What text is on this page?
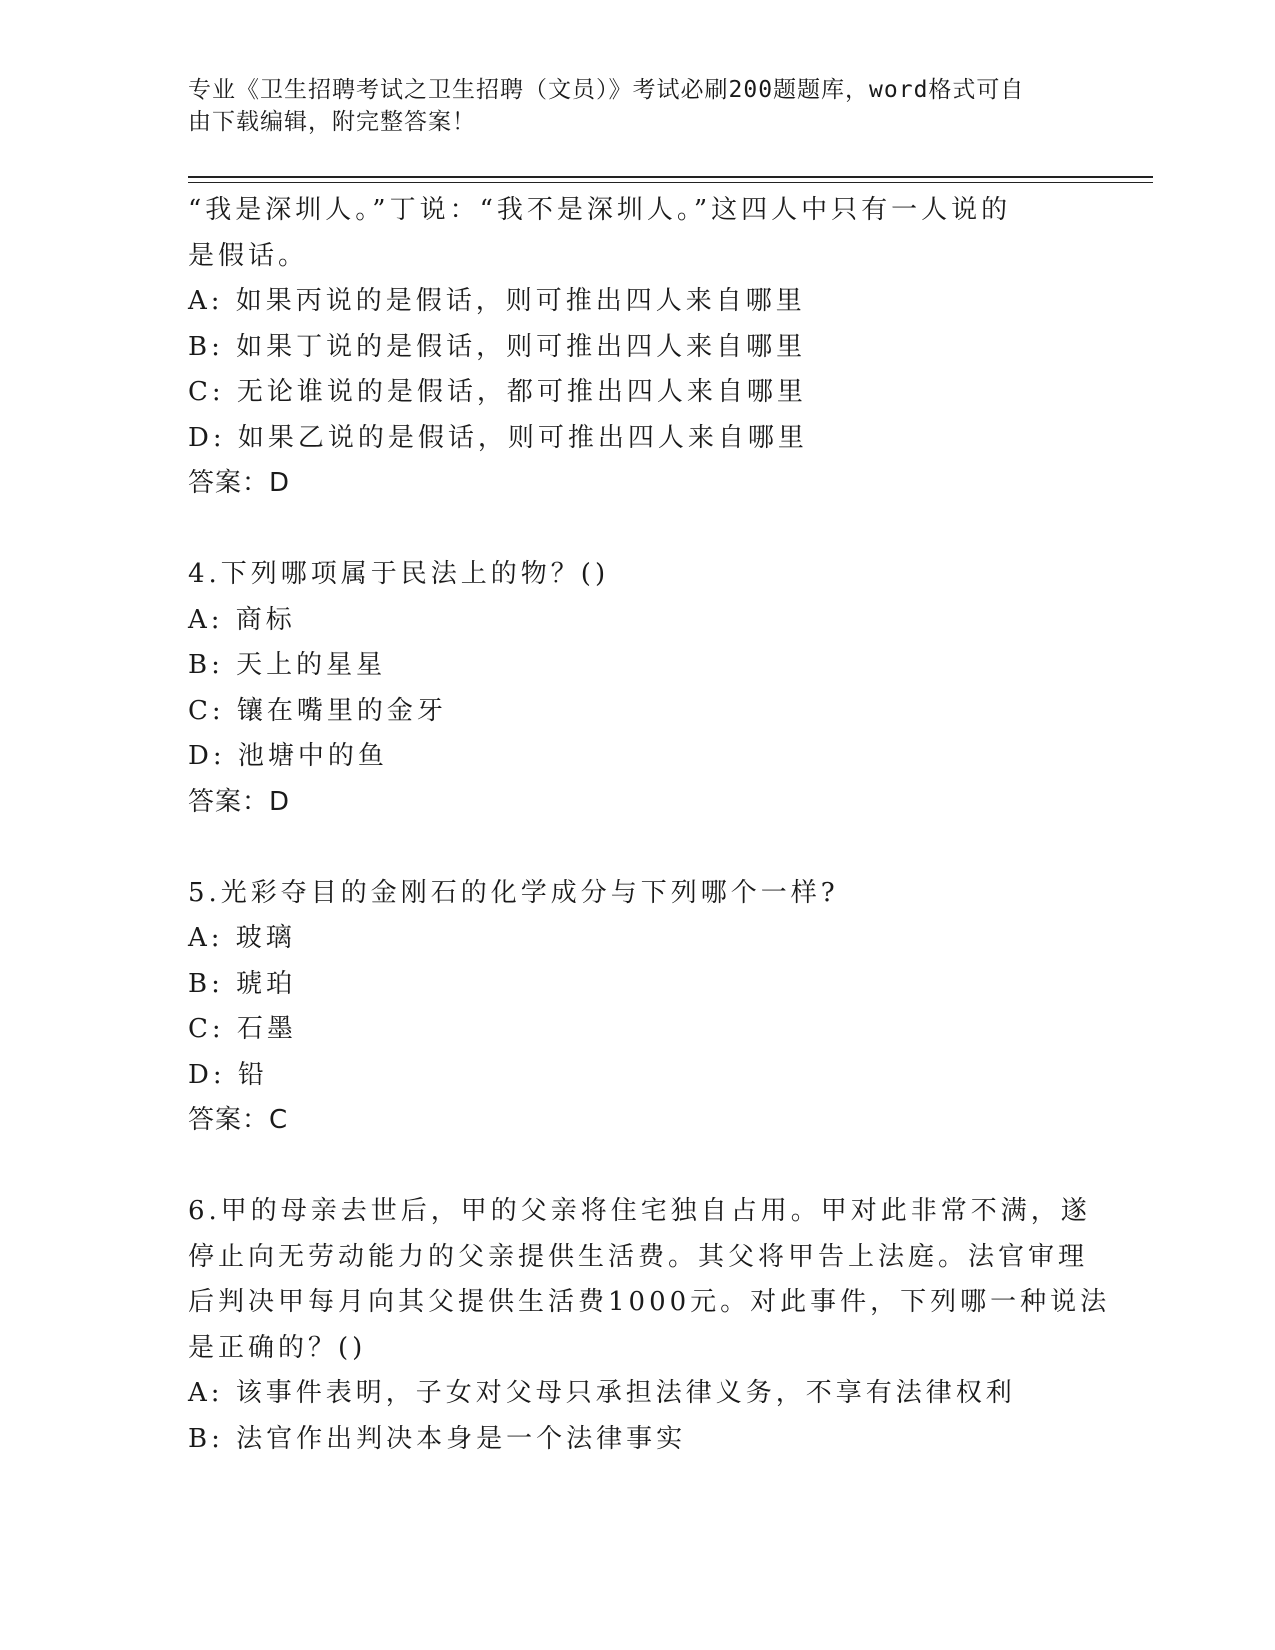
专业《卫生招聘考试之卫生招聘（文员）》考试必刷200题题库，word格式可自
由下载编辑，附完整答案！
“我是深圳人。”丁说：“我不是深圳人。”这四人中只有一人说的
是假话。
A: 如果丙说的是假话，则可推出四人来自哪里
B: 如果丁说的是假话，则可推出四人来自哪里
C: 无论谁说的是假话，都可推出四人来自哪里
D: 如果乙说的是假话，则可推出四人来自哪里
答案：D
4.下列哪项属于民法上的物？()
A: 商标
B: 天上的星星
C: 镶在嘴里的金牙
D: 池塘中的鱼
答案：D
5.光彩夺目的金刚石的化学成分与下列哪个一样?
A: 玻璃
B: 琥珀
C: 石墨
D: 铅
答案：C
6.甲的母亲去世后，甲的父亲将住宅独自占用。甲对此非常不满，遂
停止向无劳动能力的父亲提供生活费。其父将甲告上法庭。法官审理
后判决甲每月向其父提供生活费1000元。对此事件，下列哪一种说法
是正确的？()
A: 该事件表明，子女对父母只承担法律义务，不享有法律权利
B: 法官作出判决本身是一个法律事实
